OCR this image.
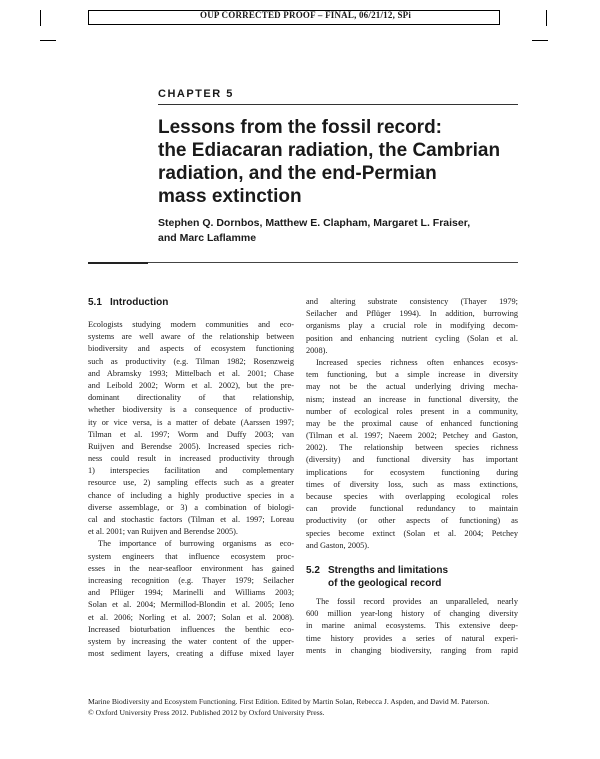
OUP CORRECTED PROOF – FINAL, 06/21/12, SPi
CHAPTER 5
Lessons from the fossil record:
the Ediacaran radiation, the Cambrian
radiation, and the end-Permian
mass extinction
Stephen Q. Dornbos, Matthew E. Clapham, Margaret L. Fraiser,
and Marc Laflamme
5.1 Introduction
Ecologists studying modern communities and eco-
systems are well aware of the relationship between
biodiversity and aspects of ecosystem functioning
such as productivity (e.g. Tilman 1982; Rosenzweig
and Abramsky 1993; Mittelbach et al. 2001; Chase
and Leibold 2002; Worm et al. 2002), but the pre-
dominant directionality of that relationship,
whether biodiversity is a consequence of productiv-
ity or vice versa, is a matter of debate (Aarssen 1997;
Tilman et al. 1997; Worm and Duffy 2003; van
Ruijven and Berendse 2005). Increased species rich-
ness could result in increased productivity through
1) interspecies facilitation and complementary
resource use, 2) sampling effects such as a greater
chance of including a highly productive species in a
diverse assemblage, or 3) a combination of biologi-
cal and stochastic factors (Tilman et al. 1997; Loreau
et al. 2001; van Ruijven and Berendse 2005).
The importance of burrowing organisms as eco-
system engineers that influence ecosystem proc-
esses in the near-seafloor environment has gained
increasing recognition (e.g. Thayer 1979; Seilacher
and Pflüger 1994; Marinelli and Williams 2003;
Solan et al. 2004; Mermillod-Blondin et al. 2005; Ieno
et al. 2006; Norling et al. 2007; Solan et al. 2008).
Increased bioturbation influences the benthic eco-
system by increasing the water content of the upper-
most sediment layers, creating a diffuse mixed layer
and altering substrate consistency (Thayer 1979;
Seilacher and Pflüger 1994). In addition, burrowing
organisms play a crucial role in modifying decom-
position and enhancing nutrient cycling (Solan et al.
2008).
Increased species richness often enhances ecosys-
tem functioning, but a simple increase in diversity
may not be the actual underlying driving mecha-
nism; instead an increase in functional diversity, the
number of ecological roles present in a community,
may be the proximal cause of enhanced functioning
(Tilman et al. 1997; Naeem 2002; Petchey and Gaston,
2002). The relationship between species richness
(diversity) and functional diversity has important
implications for ecosystem functioning during
times of diversity loss, such as mass extinctions,
because species with overlapping ecological roles
can provide functional redundancy to maintain
productivity (or other aspects of functioning) as
species become extinct (Solan et al. 2004; Petchey
and Gaston, 2005).
5.2 Strengths and limitations
of the geological record
The fossil record provides an unparalleled, nearly
600 million year-long history of changing diversity
in marine animal ecosystems. This extensive deep-
time history provides a series of natural experi-
ments in changing biodiversity, ranging from rapid
Marine Biodiversity and Ecosystem Functioning. First Edition. Edited by Martin Solan, Rebecca J. Aspden, and David M. Paterson.
© Oxford University Press 2012. Published 2012 by Oxford University Press.
